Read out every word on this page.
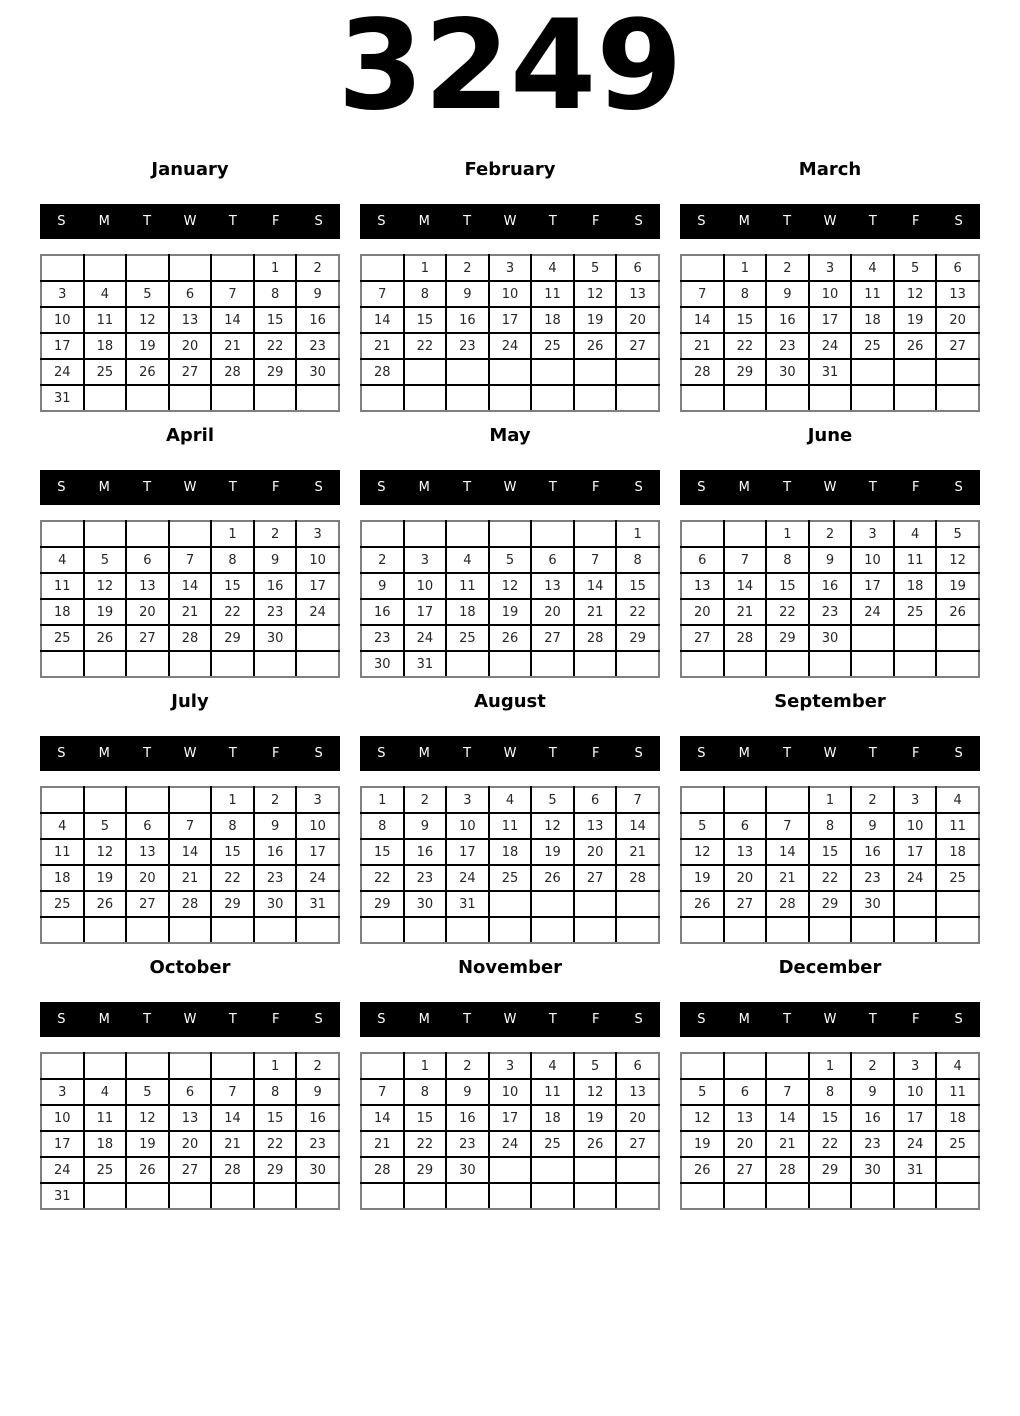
3249
January
S	M	T	W	T	F	S
					1	2
3	4	5	6	7	8	9
10	11	12	13	14	15	16
17	18	19	20	21	22	23
24	25	26	27	28	29	30
31						
February
S	M	T	W	T	F	S
	1	2	3	4	5	6
7	8	9	10	11	12	13
14	15	16	17	18	19	20
21	22	23	24	25	26	27
28						

March
S	M	T	W	T	F	S
	1	2	3	4	5	6
7	8	9	10	11	12	13
14	15	16	17	18	19	20
21	22	23	24	25	26	27
28	29	30	31			

April
S	M	T	W	T	F	S
				1	2	3
4	5	6	7	8	9	10
11	12	13	14	15	16	17
18	19	20	21	22	23	24
25	26	27	28	29	30	

May
S	M	T	W	T	F	S
						1
2	3	4	5	6	7	8
9	10	11	12	13	14	15
16	17	18	19	20	21	22
23	24	25	26	27	28	29
30	31					
June
S	M	T	W	T	F	S
		1	2	3	4	5
6	7	8	9	10	11	12
13	14	15	16	17	18	19
20	21	22	23	24	25	26
27	28	29	30			

July
S	M	T	W	T	F	S
				1	2	3
4	5	6	7	8	9	10
11	12	13	14	15	16	17
18	19	20	21	22	23	24
25	26	27	28	29	30	31

August
S	M	T	W	T	F	S
1	2	3	4	5	6	7
8	9	10	11	12	13	14
15	16	17	18	19	20	21
22	23	24	25	26	27	28
29	30	31				

September
S	M	T	W	T	F	S
			1	2	3	4
5	6	7	8	9	10	11
12	13	14	15	16	17	18
19	20	21	22	23	24	25
26	27	28	29	30		

October
S	M	T	W	T	F	S
					1	2
3	4	5	6	7	8	9
10	11	12	13	14	15	16
17	18	19	20	21	22	23
24	25	26	27	28	29	30
31						
November
S	M	T	W	T	F	S
	1	2	3	4	5	6
7	8	9	10	11	12	13
14	15	16	17	18	19	20
21	22	23	24	25	26	27
28	29	30				

December
S	M	T	W	T	F	S
			1	2	3	4
5	6	7	8	9	10	11
12	13	14	15	16	17	18
19	20	21	22	23	24	25
26	27	28	29	30	31	
